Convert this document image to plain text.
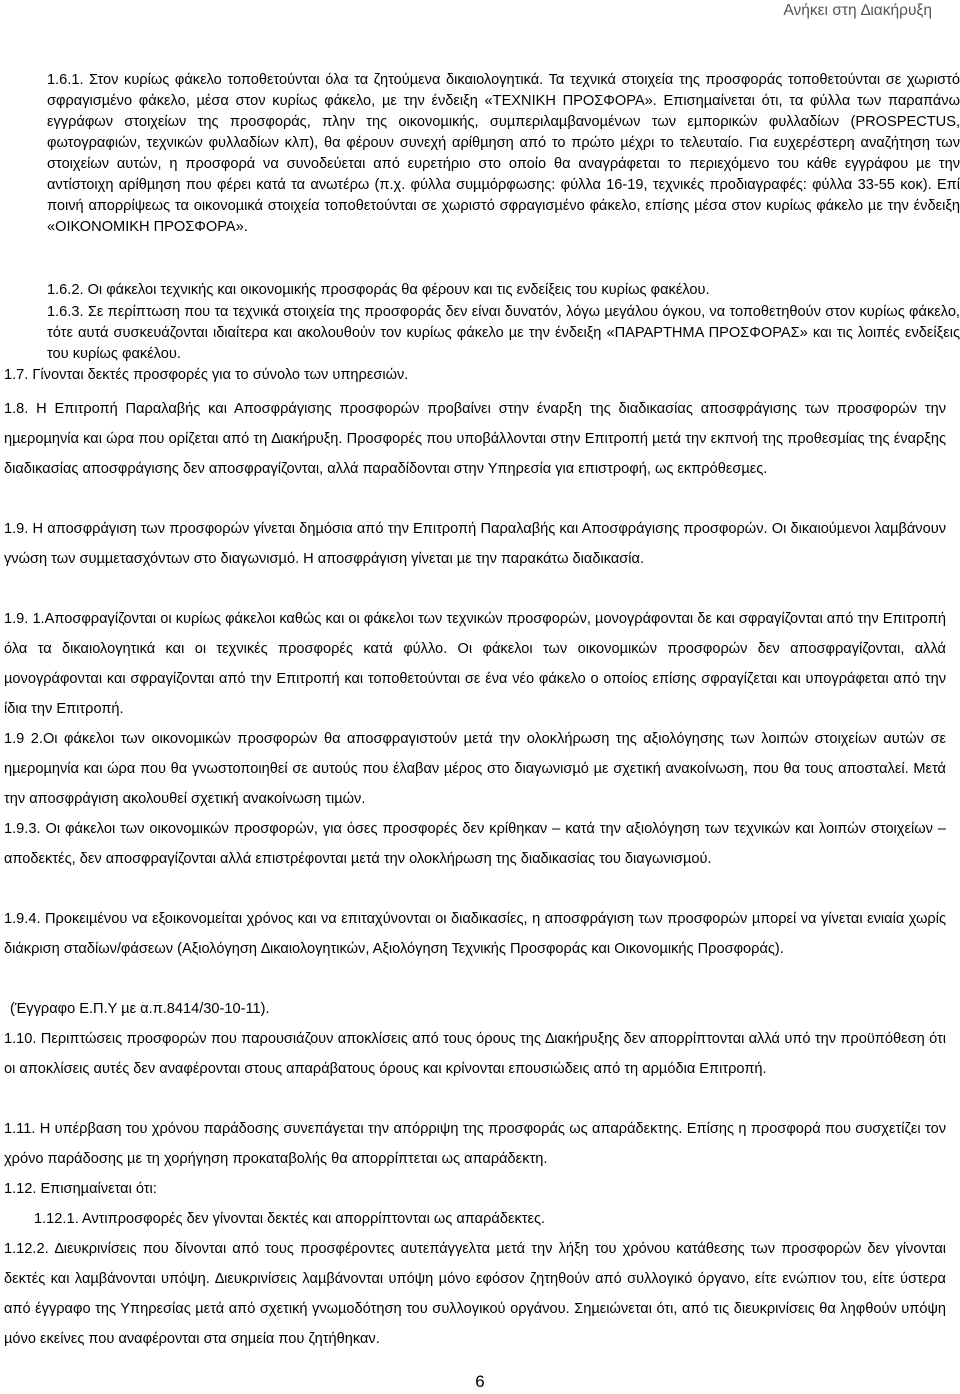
Ανήκει στη ∆ιακήρυξη

1.6.1. Στον κυρίως φάκελο τοποθετούνται όλα τα ζητούµενα δικαιολογητικά. Τα τεχνικά στοιχεία της προσφοράς τοποθετούνται σε χωριστό σφραγισµένο φάκελο, µέσα στον κυρίως φάκελο, µε την ένδειξη «ΤΕΧΝΙΚΗ ΠΡΟΣΦΟΡΑ». Επισηµαίνεται ότι, τα φύλλα των παραπάνω εγγράφων στοιχείων της προσφοράς, πλην της οικονοµικής, συµπεριλαµβανοµένων των εµπορικών φυλλαδίων (PROSPECTUS, φωτογραφιών, τεχνικών φυλλαδίων κλπ), θα φέρουν συνεχή αρίθµηση από το πρώτο µέχρι το τελευταίο. Για ευχερέστερη αναζήτηση των στοιχείων αυτών, η προσφορά να συνοδεύεται από ευρετήριο στο οποίο θα αναγράφεται το περιεχόµενο του κάθε εγγράφου µε την αντίστοιχη αρίθµηση που φέρει κατά τα ανωτέρω (π.χ. φύλλα συµµόρφωσης: φύλλα 16-19, τεχνικές προδιαγραφές: φύλλα 33-55 κοκ). Επί ποινή απορρίψεως τα οικονοµικά στοιχεία τοποθετούνται σε χωριστό σφραγισµένο φάκελο, επίσης µέσα στον κυρίως φάκελο µε την ένδειξη «ΟΙΚΟΝΟΜΙΚΗ ΠΡΟΣΦΟΡΑ».

1.6.2. Οι φάκελοι τεχνικής και οικονοµικής προσφοράς θα φέρουν και τις ενδείξεις του κυρίως φακέλου.

1.6.3. Σε περίπτωση που τα τεχνικά στοιχεία της προσφοράς δεν είναι δυνατόν, λόγω µεγάλου όγκου, να τοποθετηθούν στον κυρίως φάκελο, τότε αυτά συσκευάζονται ιδιαίτερα και ακολουθούν τον κυρίως φάκελο µε την ένδειξη «ΠΑΡΑΡΤΗΜΑ ΠΡΟΣΦΟΡΑΣ» και τις λοιπές ενδείξεις του κυρίως φακέλου.

1.7. Γίνονται δεκτές προσφορές για το σύνολο των υπηρεσιών.

1.8. Η Επιτροπή Παραλαβής και Αποσφράγισης προσφορών προβαίνει στην έναρξη της διαδικασίας αποσφράγισης των προσφορών την ηµεροµηνία και ώρα που ορίζεται από τη ∆ιακήρυξη. Προσφορές που υποβάλλονται στην Επιτροπή µετά την εκπνοή της προθεσµίας της έναρξης διαδικασίας αποσφράγισης δεν αποσφραγίζονται, αλλά παραδίδονται στην Υπηρεσία για επιστροφή, ως εκπρόθεσµες.

1.9. Η αποσφράγιση των προσφορών γίνεται δηµόσια από την Επιτροπή Παραλαβής και Αποσφράγισης προσφορών. Οι δικαιούµενοι λαµβάνουν γνώση των συµµετασχόντων στο διαγωνισµό. Η αποσφράγιση γίνεται µε την παρακάτω διαδικασία.

1.9. 1.Αποσφραγίζονται οι κυρίως φάκελοι καθώς και οι φάκελοι των τεχνικών προσφορών, µονογράφονται δε και σφραγίζονται από την Επιτροπή όλα τα δικαιολογητικά και οι τεχνικές προσφορές κατά φύλλο. Οι φάκελοι των οικονοµικών προσφορών δεν αποσφραγίζονται, αλλά µονογράφονται και σφραγίζονται από την Επιτροπή και τοποθετούνται σε ένα νέο φάκελο ο οποίος επίσης σφραγίζεται και υπογράφεται από την ίδια την Επιτροπή.

1.9 2.Οι φάκελοι των οικονοµικών προσφορών θα αποσφραγιστούν µετά την ολοκλήρωση της αξιολόγησης των λοιπών στοιχείων αυτών σε ηµεροµηνία και ώρα που θα γνωστοποιηθεί σε αυτούς που έλαβαν µέρος στο διαγωνισµό µε σχετική ανακοίνωση, που θα τους αποσταλεί. Μετά την αποσφράγιση ακολουθεί σχετική ανακοίνωση τιµών.

1.9.3. Οι φάκελοι των οικονοµικών προσφορών, για όσες προσφορές δεν κρίθηκαν – κατά την αξιολόγηση των τεχνικών και λοιπών στοιχείων – αποδεκτές, δεν αποσφραγίζονται αλλά επιστρέφονται µετά την ολοκλήρωση της διαδικασίας του διαγωνισµού.

1.9.4. Προκειµένου να εξοικονοµείται χρόνος και να επιταχύνονται οι διαδικασίες, η αποσφράγιση των προσφορών µπορεί να γίνεται ενιαία χωρίς διάκριση σταδίων/φάσεων (Αξιολόγηση ∆ικαιολογητικών, Αξιολόγηση Τεχνικής Προσφοράς και Οικονοµικής Προσφοράς).

(Έγγραφο Ε.Π.Υ µε α.π.8414/30-10-11).

1.10. Περιπτώσεις προσφορών που παρουσιάζουν αποκλίσεις από τους όρους της ∆ιακήρυξης δεν απορρίπτονται αλλά υπό την προϋπόθεση ότι οι αποκλίσεις αυτές δεν αναφέρονται στους απαράβατους όρους και κρίνονται επουσιώδεις από τη αρµόδια Επιτροπή.

1.11. Η υπέρβαση του χρόνου παράδοσης συνεπάγεται την απόρριψη της προσφοράς ως απαράδεκτης. Επίσης η προσφορά που συσχετίζει τον χρόνο παράδοσης µε τη χορήγηση προκαταβολής θα απορρίπτεται ως απαράδεκτη.

1.12. Επισηµαίνεται ότι:

1.12.1. Αντιπροσφορές δεν γίνονται δεκτές και απορρίπτονται ως απαράδεκτες.

1.12.2. ∆ιευκρινίσεις που δίνονται από τους προσφέροντες αυτεπάγγελτα µετά την λήξη του χρόνου κατάθεσης των προσφορών δεν γίνονται δεκτές και λαµβάνονται υπόψη. ∆ιευκρινίσεις λαµβάνονται υπόψη µόνο εφόσον ζητηθούν από συλλογικό όργανο, είτε ενώπιον του, είτε ύστερα από έγγραφο της Υπηρεσίας µετά από σχετική γνωµοδότηση του συλλογικού οργάνου. Σηµειώνεται ότι, από τις διευκρινίσεις θα ληφθούν υπόψη µόνο εκείνες που αναφέρονται στα σηµεία που ζητήθηκαν.

6
